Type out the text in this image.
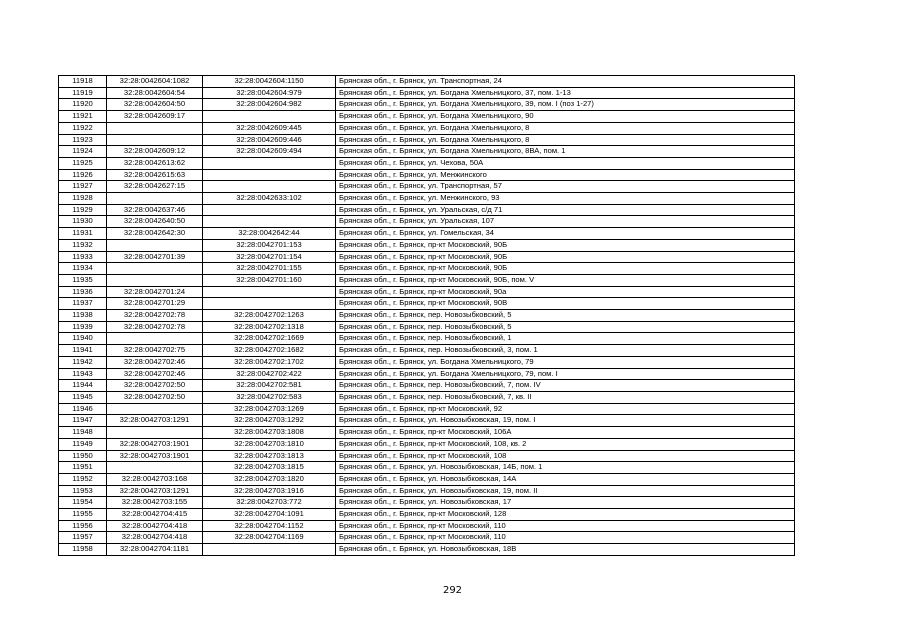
11918	32:28:0042604:1082	32:28:0042604:1150	Брянская обл., г. Брянск, ул. Транспортная, 24
11919	32:28:0042604:54	32:28:0042604:979	Брянская обл., г. Брянск, ул. Богдана Хмельницкого, 37, пом. 1-13
11920	32:28:0042604:50	32:28:0042604:982	Брянская обл., г. Брянск, ул. Богдана Хмельницкого, 39, пом. I (поз 1-27)
11921	32:28:0042609:17		Брянская обл., г. Брянск, ул. Богдана Хмельницкого, 90
11922		32:28:0042609:445	Брянская обл., г. Брянск, ул. Богдана Хмельницкого, 8
11923		32:28:0042609:446	Брянская обл., г. Брянск, ул. Богдана Хмельницкого, 8
11924	32:28:0042609:12	32:28:0042609:494	Брянская обл., г. Брянск, ул. Богдана Хмельницкого, 8ВА, пом. 1
11925	32:28:0042613:62		Брянская обл., г. Брянск, ул. Чехова, 50А
11926	32:28:0042615:63		Брянская обл., г. Брянск, ул. Менжинского
11927	32:28:0042627:15		Брянская обл., г. Брянск, ул. Транспортная, 57
11928		32:28:0042633:102	Брянская обл., г. Брянск, ул. Менжинского, 93
11929	32:28:0042637:46		Брянская обл., г. Брянск, ул. Уральская, с/д 71
11930	32:28:0042640:50		Брянская обл., г. Брянск, ул. Уральская, 107
11931	32:28:0042642:30	32:28:0042642:44	Брянская обл., г. Брянск, ул. Гомельская, 34
11932		32:28:0042701:153	Брянская обл., г. Брянск, пр-кт Московский, 90Б
11933	32:28:0042701:39	32:28:0042701:154	Брянская обл., г. Брянск, пр-кт Московский, 90Б
11934		32:28:0042701:155	Брянская обл., г. Брянск, пр-кт Московский, 90Б
11935		32:28:0042701:160	Брянская обл., г. Брянск, пр-кт Московский, 90Б, пом. V
11936	32:28:0042701:24		Брянская обл., г. Брянск, пр-кт Московский, 90а
11937	32:28:0042701:29		Брянская обл., г. Брянск, пр-кт Московский, 90В
11938	32:28:0042702:78	32:28:0042702:1263	Брянская обл., г. Брянск, пер. Новозыбковский, 5
11939	32:28:0042702:78	32:28:0042702:1318	Брянская обл., г. Брянск, пер. Новозыбковский, 5
11940		32:28:0042702:1669	Брянская обл., г. Брянск, пер. Новозыбковский, 1
11941	32:28:0042702:75	32:28:0042702:1682	Брянская обл., г. Брянск, пер. Новозыбковский, 3, пом. 1
11942	32:28:0042702:46	32:28:0042702:1702	Брянская обл., г. Брянск, ул. Богдана Хмельницкого, 79
11943	32:28:0042702:46	32:28:0042702:422	Брянская обл., г. Брянск, ул. Богдана Хмельницкого, 79, пом. I
11944	32:28:0042702:50	32:28:0042702:581	Брянская обл., г. Брянск, пер. Новозыбковский, 7, пом. IV
11945	32:28:0042702:50	32:28:0042702:583	Брянская обл., г. Брянск, пер. Новозыбковский, 7, кв. II
11946		32:28:0042703:1269	Брянская обл., г. Брянск, пр-кт Московский, 92
11947	32:28:0042703:1291	32:28:0042703:1292	Брянская обл., г. Брянск, ул. Новозыбковская, 19, пом. I
11948		32:28:0042703:1808	Брянская обл., г. Брянск, пр-кт Московский, 106А
11949	32:28:0042703:1901	32:28:0042703:1810	Брянская обл., г. Брянск, пр-кт Московский, 108, кв. 2
11950	32:28:0042703:1901	32:28:0042703:1813	Брянская обл., г. Брянск, пр-кт Московский, 108
11951		32:28:0042703:1815	Брянская обл., г. Брянск, ул. Новозыбковская, 14Б, пом. 1
11952	32:28:0042703:168	32:28:0042703:1820	Брянская обл., г. Брянск, ул. Новозыбковская, 14А
11953	32:28:0042703:1291	32:28:0042703:1916	Брянская обл., г. Брянск, ул. Новозыбковская, 19, пом. II
11954	32:28:0042703:155	32:28:0042703:772	Брянская обл., г. Брянск, ул. Новозыбковская, 17
11955	32:28:0042704:415	32:28:0042704:1091	Брянская обл., г. Брянск, пр-кт Московский, 128
11956	32:28:0042704:418	32:28:0042704:1152	Брянская обл., г. Брянск, пр-кт Московский, 110
11957	32:28:0042704:418	32:28:0042704:1169	Брянская обл., г. Брянск, пр-кт Московский, 110
11958	32:28:0042704:1181		Брянская обл., г. Брянск, ул. Новозыбковская, 18В
292
